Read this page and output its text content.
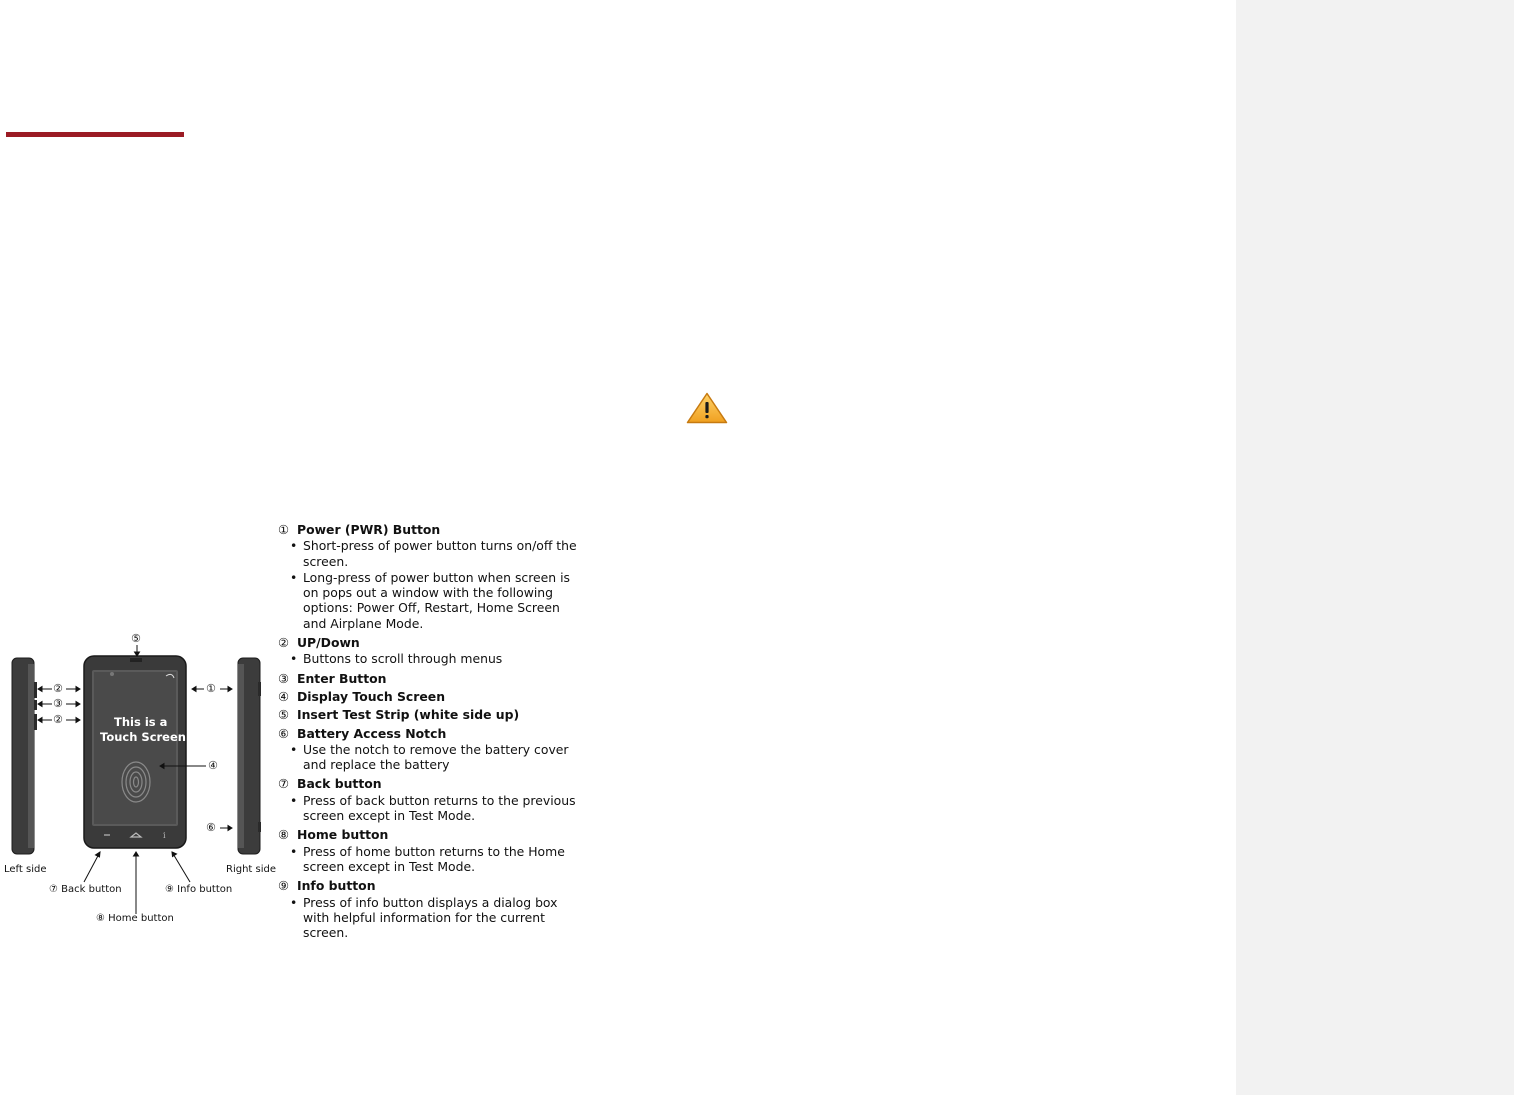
i
This is a
Touch Screen
②
③
②
①
④
⑤
⑥
Left side	Right side
⑦ Back button	⑨ Info button
⑧ Home button
① Power (PWR) Button
• Short-press of power button turns on/off the screen.
• Long-press of power button when screen is on pops out a window with the following options: Power Off, Restart, Home Screen and Airplane Mode.
② UP/Down
• Buttons to scroll through menus
③ Enter Button
④ Display Touch Screen
⑤ Insert Test Strip (white side up)
⑥ Battery Access Notch
• Use the notch to remove the battery cover and replace the battery
⑦ Back button
• Press of back button returns to the previous screen except in Test Mode.
⑧ Home button
• Press of home button returns to the Home screen except in Test Mode.
⑨ Info button
• Press of info button displays a dialog box with helpful information for the current screen.
